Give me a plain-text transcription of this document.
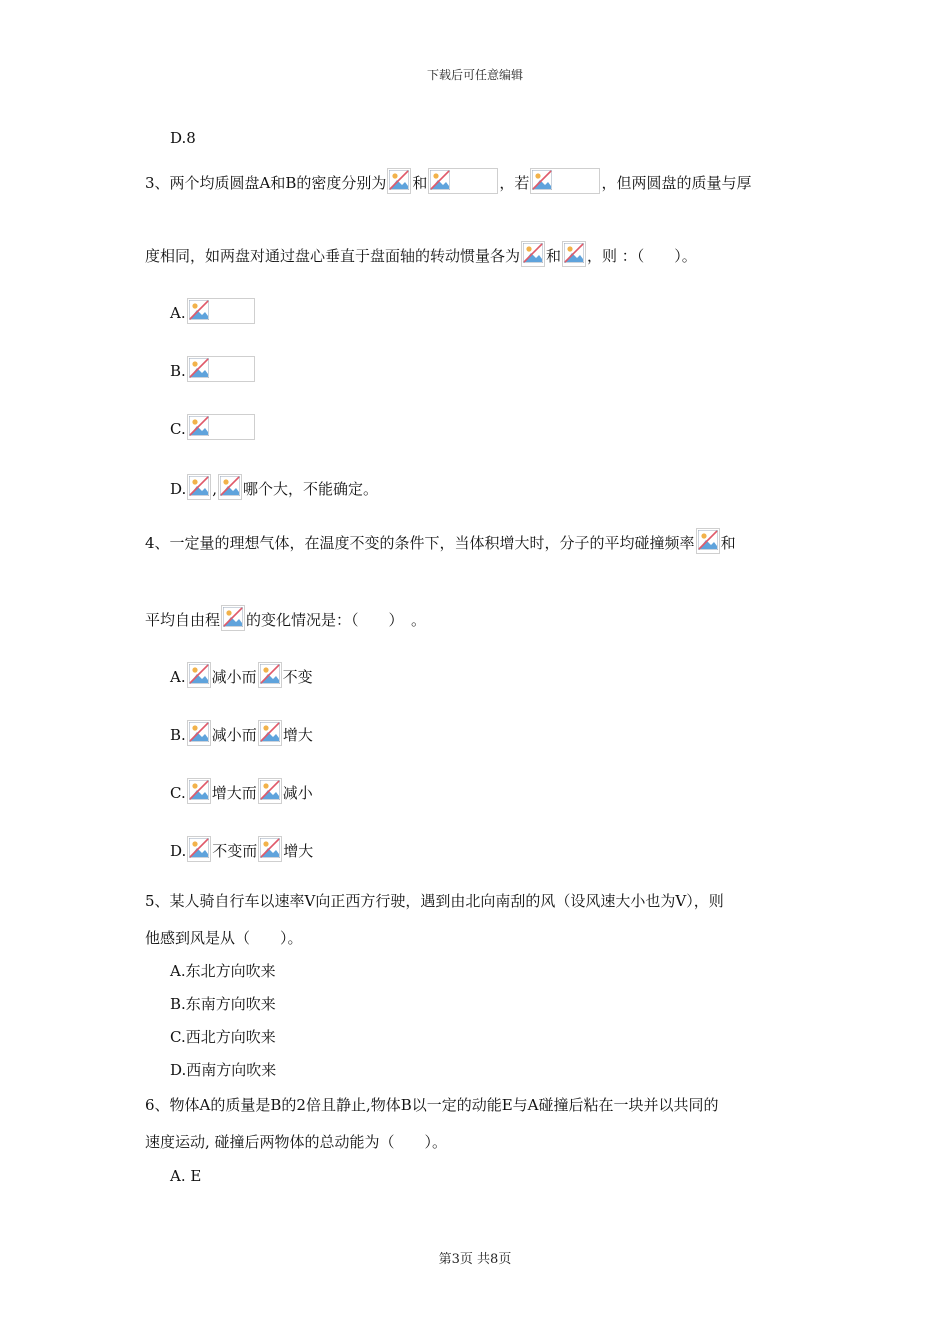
下载后可任意编辑
D.8
3、两个均质圆盘A和B的密度分别为 和	，若	，但两圆盘的质量与厚
度相同，如两盘对通过盘心垂直于盘面轴的转动惯量各为 和 ，则 ：（　　）。
A.
B.
C.
D. , 哪个大，不能确定。
4、一定量的理想气体，在温度不变的条件下，当体积增大时，分子的平均碰撞频率 和
平均自由程 的变化情况是：（　　）　。
A. 减小而 不变
B. 减小而 增大
C. 增大而 减小
D. 不变而 增大
5、某人骑自行车以速率V向正西方行驶，遇到由北向南刮的风（设风速大小也为V），则
他感到风是从（　　）。
A.东北方向吹来
B.东南方向吹来
C.西北方向吹来
D.西南方向吹来
6、物体A的质量是B的2倍且静止,物体B以一定的动能E与A碰撞后粘在一块并以共同的
速度运动, 碰撞后两物体的总动能为（　　）。
A. E
第3页 共8页
